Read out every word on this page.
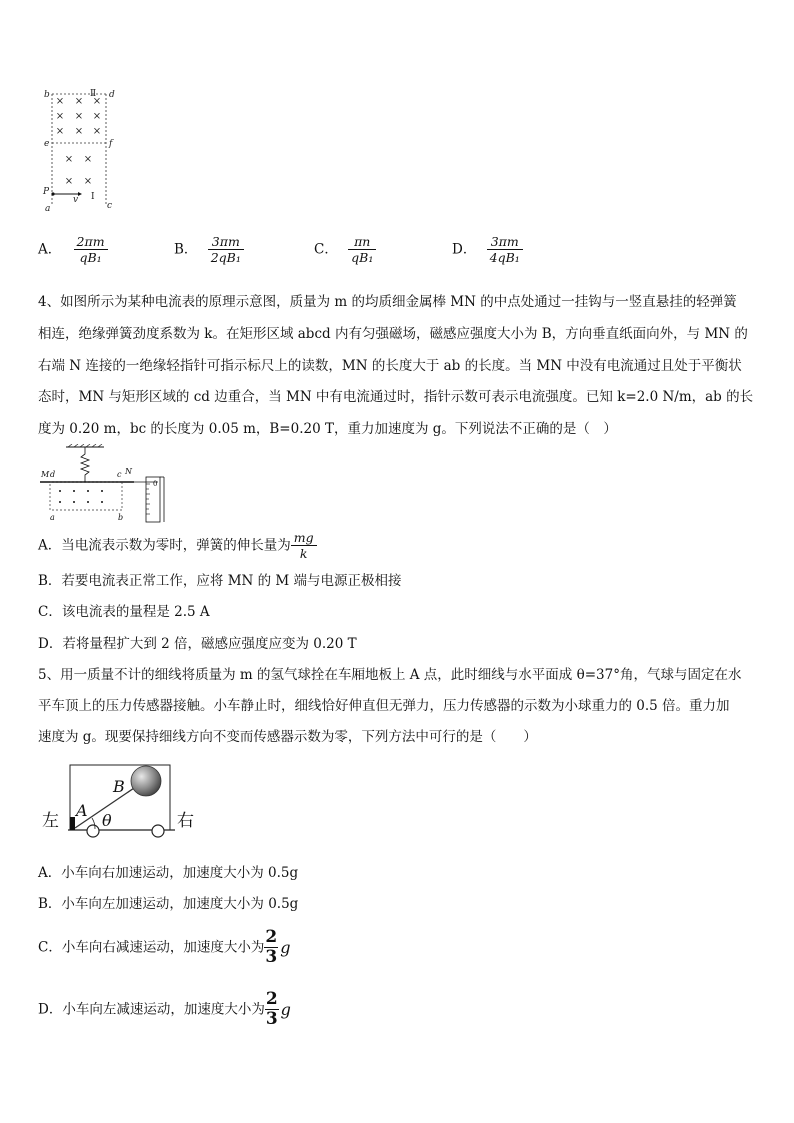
× × ×
× × ×
× × ×
× ×
× ×
b	d
e	f
P
v
a	c
Ⅱ
Ⅰ
A． $\frac{2\pi m}{\text{qB₁}}$	B． $\frac{3\pi m}{\text{2qB₁}}$	C． $\frac{\pi n}{\text{qB₁}}$	D． $\frac{3\pi m}{\text{4qB₁}}$
4、如图所示为某种电流表的原理示意图，质量为 m 的均质细金属棒 MN 的中点处通过一挂钩与一竖直悬挂的轻弹簧
相连，绝缘弹簧劲度系数为 k。在矩形区域 abcd 内有匀强磁场，磁感应强度大小为 B，方向垂直纸面向外，与 MN 的
右端 N 连接的一绝缘轻指针可指示标尺上的读数，MN 的长度大于 ab 的长度。当 MN 中没有电流通过且处于平衡状
态时，MN 与矩形区域的 cd 边重合，当 MN 中有电流通过时，指针示数可表示电流强度。已知 k=2.0 N/m，ab 的长
度为 0.20 m，bc 的长度为 0.05 m，B=0.20 T，重力加速度为 g。下列说法不正确的是（　）
0
M d	c N
a	b
A．当电流表示数为零时，弹簧的伸长量为 $\frac{mg}{k}$
B．若要电流表正常工作，应将 MN 的 M 端与电源正极相接
C．该电流表的量程是 2.5 A
D．若将量程扩大到 2 倍，磁感应强度应变为 0.20 T
5、用一质量不计的细线将质量为 m 的氢气球拴在车厢地板上 A 点，此时细线与水平面成 θ=37°角，气球与固定在水
平车顶上的压力传感器接触。小车静止时，细线恰好伸直但无弹力，压力传感器的示数为小球重力的 0.5 倍。重力加
速度为 g。现要保持细线方向不变而传感器示数为零，下列方法中可行的是（　　）
左	右
A
B
θ
A．小车向右加速运动，加速度大小为 0.5g
B．小车向左加速运动，加速度大小为 0.5g
C．小车向右减速运动，加速度大小为 $\frac{2}{3}$ g
D．小车向左减速运动，加速度大小为 $\frac{2}{3}$ g
